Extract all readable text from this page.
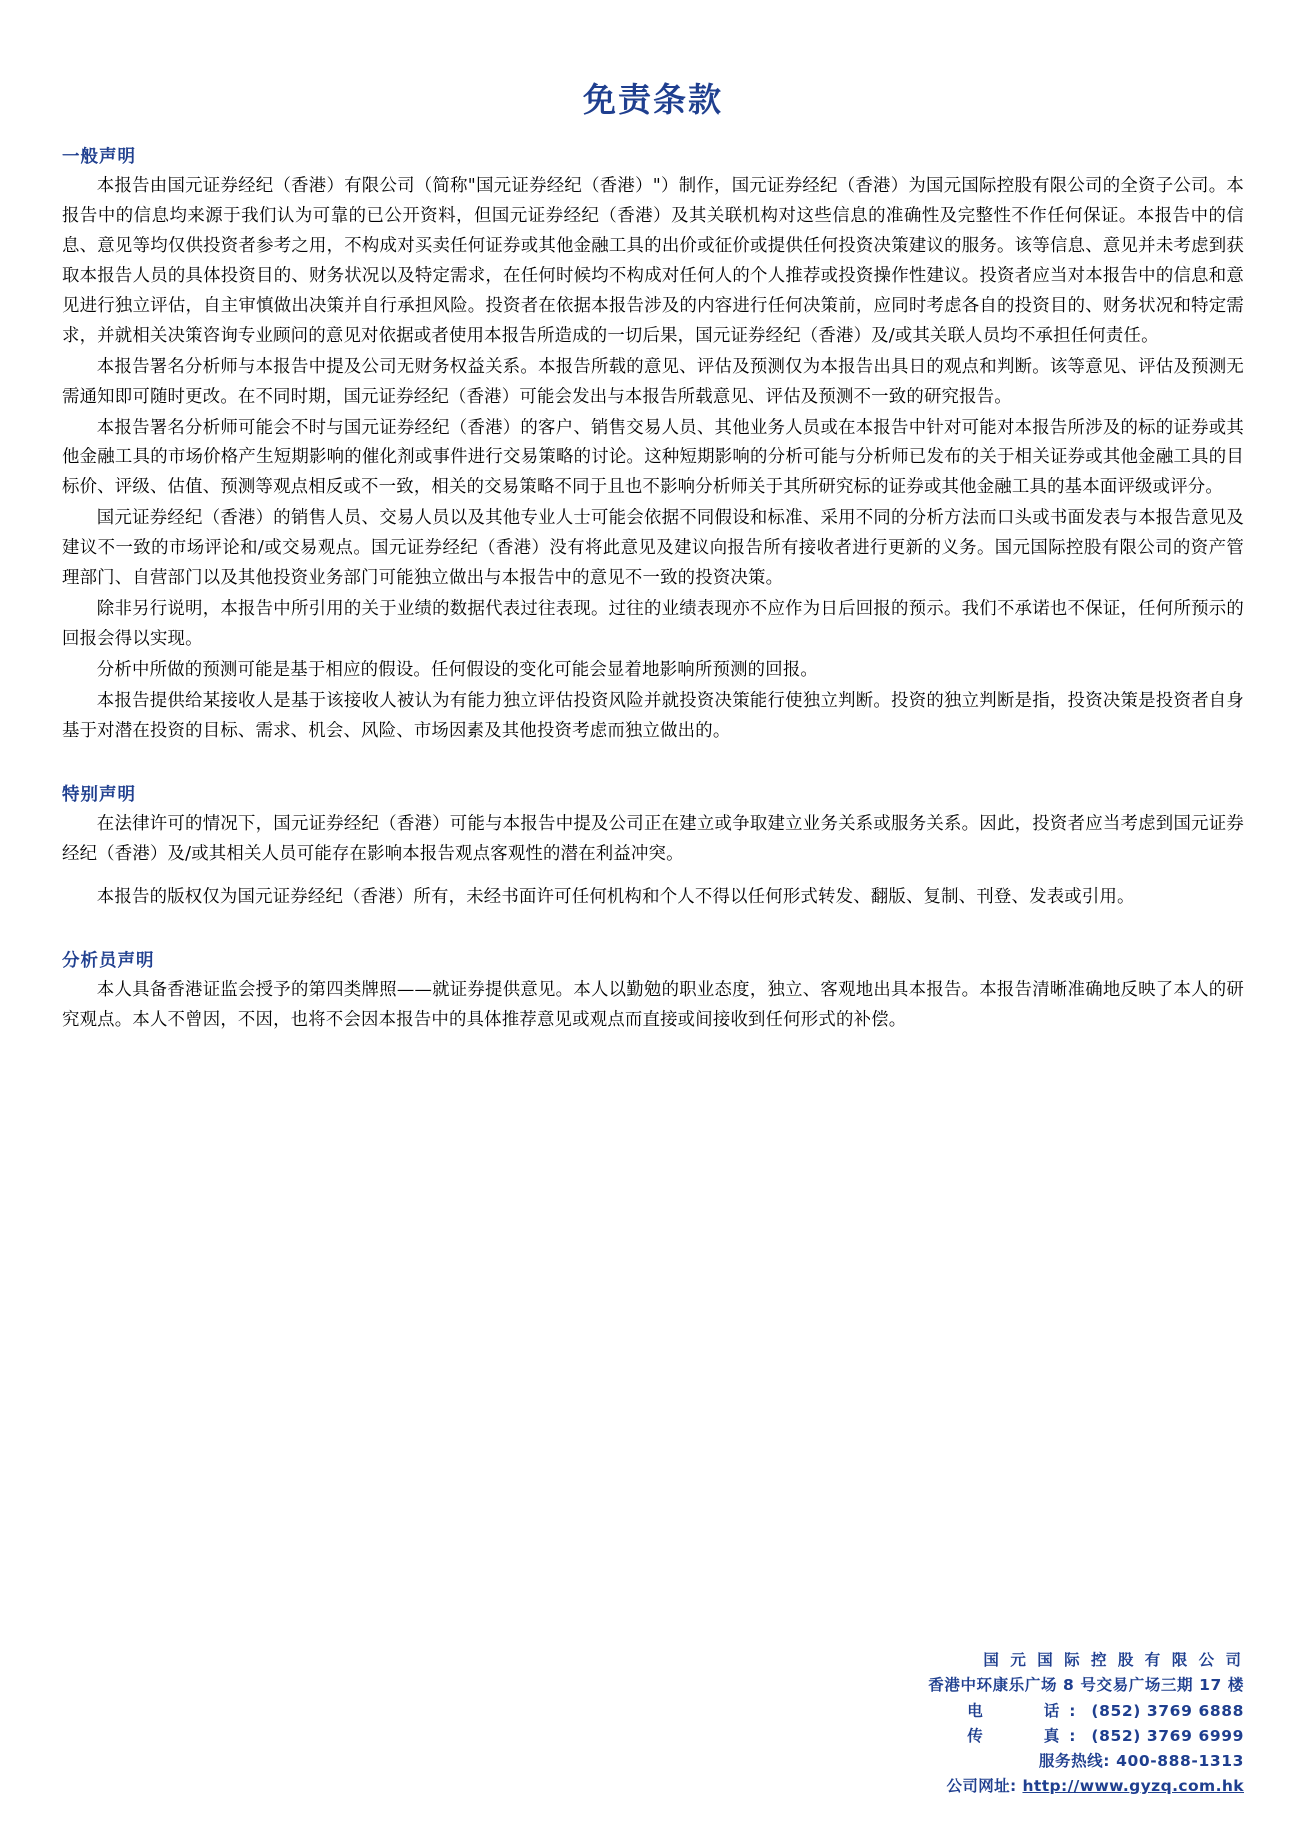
免责条款
一般声明

本报告由国元证券经纪（香港）有限公司（简称"国元证券经纪（香港）"）制作，国元证券经纪（香港）为国元国际控股有限公司的全资子公司。本报告中的信息均来源于我们认为可靠的已公开资料，但国元证券经纪（香港）及其关联机构对这些信息的准确性及完整性不作任何保证。本报告中的信息、意见等均仅供投资者参考之用，不构成对买卖任何证券或其他金融工具的出价或征价或提供任何投资决策建议的服务。该等信息、意见并未考虑到获取本报告人员的具体投资目的、财务状况以及特定需求，在任何时候均不构成对任何人的个人推荐或投资操作性建议。投资者应当对本报告中的信息和意见进行独立评估，自主审慎做出决策并自行承担风险。投资者在依据本报告涉及的内容进行任何决策前，应同时考虑各自的投资目的、财务状况和特定需求，并就相关决策咨询专业顾问的意见对依据或者使用本报告所造成的一切后果，国元证券经纪（香港）及/或其关联人员均不承担任何责任。

本报告署名分析师与本报告中提及公司无财务权益关系。本报告所载的意见、评估及预测仅为本报告出具日的观点和判断。该等意见、评估及预测无需通知即可随时更改。在不同时期，国元证券经纪（香港）可能会发出与本报告所载意见、评估及预测不一致的研究报告。

本报告署名分析师可能会不时与国元证券经纪（香港）的客户、销售交易人员、其他业务人员或在本报告中针对可能对本报告所涉及的标的证券或其他金融工具的市场价格产生短期影响的催化剂或事件进行交易策略的讨论。这种短期影响的分析可能与分析师已发布的关于相关证券或其他金融工具的目标价、评级、估值、预测等观点相反或不一致，相关的交易策略不同于且也不影响分析师关于其所研究标的证券或其他金融工具的基本面评级或评分。

国元证券经纪（香港）的销售人员、交易人员以及其他专业人士可能会依据不同假设和标准、采用不同的分析方法而口头或书面发表与本报告意见及建议不一致的市场评论和/或交易观点。国元证券经纪（香港）没有将此意见及建议向报告所有接收者进行更新的义务。国元国际控股有限公司的资产管理部门、自营部门以及其他投资业务部门可能独立做出与本报告中的意见不一致的投资决策。

除非另行说明，本报告中所引用的关于业绩的数据代表过往表现。过往的业绩表现亦不应作为日后回报的预示。我们不承诺也不保证，任何所预示的回报会得以实现。

分析中所做的预测可能是基于相应的假设。任何假设的变化可能会显着地影响所预测的回报。

本报告提供给某接收人是基于该接收人被认为有能力独立评估投资风险并就投资决策能行使独立判断。投资的独立判断是指，投资决策是投资者自身基于对潜在投资的目标、需求、机会、风险、市场因素及其他投资考虑而独立做出的。

特别声明

在法律许可的情况下，国元证券经纪（香港）可能与本报告中提及公司正在建立或争取建立业务关系或服务关系。因此，投资者应当考虑到国元证券经纪（香港）及/或其相关人员可能存在影响本报告观点客观性的潜在利益冲突。

本报告的版权仅为国元证券经纪（香港）所有，未经书面许可任何机构和个人不得以任何形式转发、翻版、复制、刊登、发表或引用。

分析员声明

本人具备香港证监会授予的第四类牌照——就证券提供意见。本人以勤勉的职业态度，独立、客观地出具本报告。本报告清晰准确地反映了本人的研究观点。本人不曾因，不因，也将不会因本报告中的具体推荐意见或观点而直接或间接收到任何形式的补偿。

国 元 国 际 控 股 有 限 公 司
香港中环康乐广场 8 号交易广场三期 17 楼
电　　话: (852) 3769 6888
传　　真: (852) 3769 6999
服务热线: 400-888-1313
公司网址: http://www.gyzq.com.hk
